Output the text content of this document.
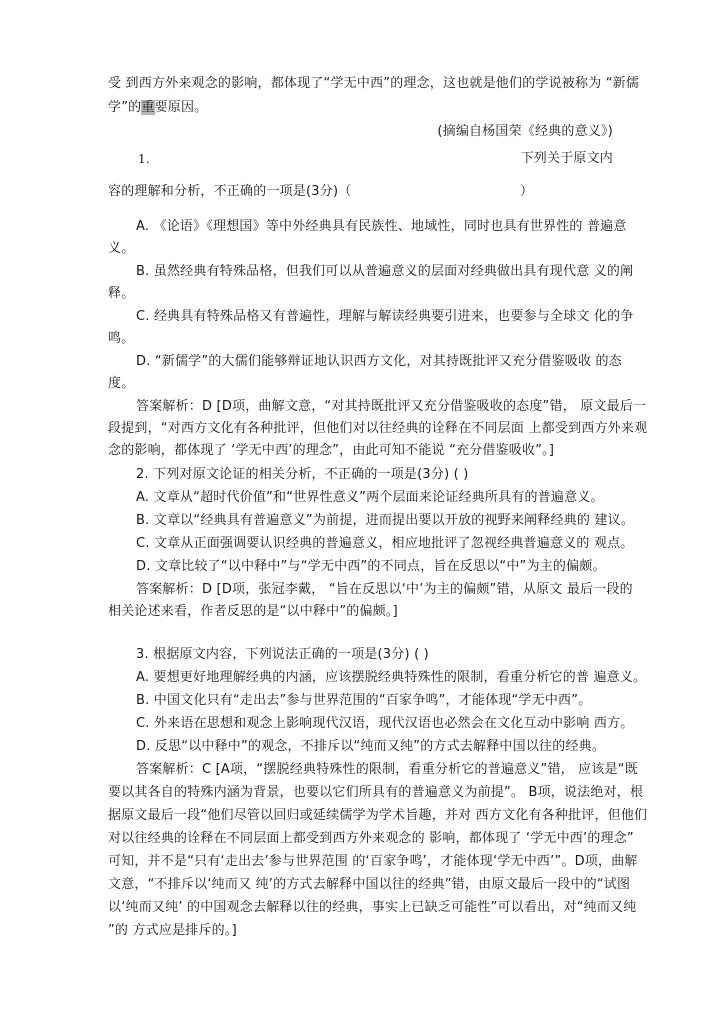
受 到西方外来观念的影响，都体现了“学无中西”的理念，这也就是他们的学说被称为 “新儒
学”的重要原因。
(摘编自杨国荣《经典的意义》)
1.	下列关于原文内
容的理解和分析，不正确的一项是(3分)（	）
A. 《论语》《理想国》等中外经典具有民族性、地域性，同时也具有世界性的 普遍意
义。
B. 虽然经典有特殊品格，但我们可以从普遍意义的层面对经典做出具有现代意 义的阐
释。
C. 经典具有特殊品格又有普遍性，理解与解读经典要引进来，也要参与全球文 化的争
鸣。
D. “新儒学”的大儒们能够辩证地认识西方文化，对其持既批评又充分借鉴吸收 的态
度。
答案解析：D [D项，曲解文意，“对其持既批评又充分借鉴吸收的态度”错， 原文最后一
段提到，“对西方文化有各种批评，但他们对以往经典的诠释在不同层面 上都受到西方外来观
念的影响，都体现了 ‘学无中西’的理念”，由此可知不能说 “充分借鉴吸收”。]
2. 下列对原文论证的相关分析，不正确的一项是(3分) ( )
A. 文章从“超时代价值”和“世界性意义”两个层面来论证经典所具有的普遍意义。
B. 文章以“经典具有普遍意义”为前提，进而提出要以开放的视野来阐释经典的 建议。
C. 文章从正面强调要认识经典的普遍意义，相应地批评了忽视经典普遍意义的 观点。
D. 文章比较了“以中释中”与“学无中西”的不同点，旨在反思以“中”为主的偏颇。
答案解析：D [D项，张冠李戴， “旨在反思以‘中’为主的偏颇”错，从原文 最后一段的
相关论述来看，作者反思的是“以中释中”的偏颇。]
3. 根据原文内容，下列说法正确的一项是(3分) ( )
A. 要想更好地理解经典的内涵，应该摆脱经典特殊性的限制，看重分析它的普 遍意义。
B. 中国文化只有“走出去”参与世界范围的“百家争鸣”，才能体现“学无中西”。
C. 外来语在思想和观念上影响现代汉语，现代汉语也必然会在文化互动中影响 西方。
D. 反思“以中释中”的观念，不排斥以“纯而又纯”的方式去解释中国以往的经典。
答案解析：C [A项，“摆脱经典特殊性的限制，看重分析它的普遍意义”错， 应该是“既
要以其各自的特殊内涵为背景，也要以它们所具有的普遍意义为前提”。 B项，说法绝对，根
据原文最后一段“他们尽管以回归或延续儒学为学术旨趣，并对 西方文化有各种批评，但他们
对以往经典的诠释在不同层面上都受到西方外来观念的 影响，都体现了 ‘学无中西’的理念”
可知，并不是“只有‘走出去’参与世界范围 的‘百家争鸣’，才能体现‘学无中西’”。D项，曲解
文意，“不排斥以‘纯而又 纯’的方式去解释中国以往的经典”错，由原文最后一段中的“试图
以‘纯而又纯’ 的中国观念去解释以往的经典，事实上已缺乏可能性”可以看出，对“纯而又纯
”的 方式应是排斥的。]
